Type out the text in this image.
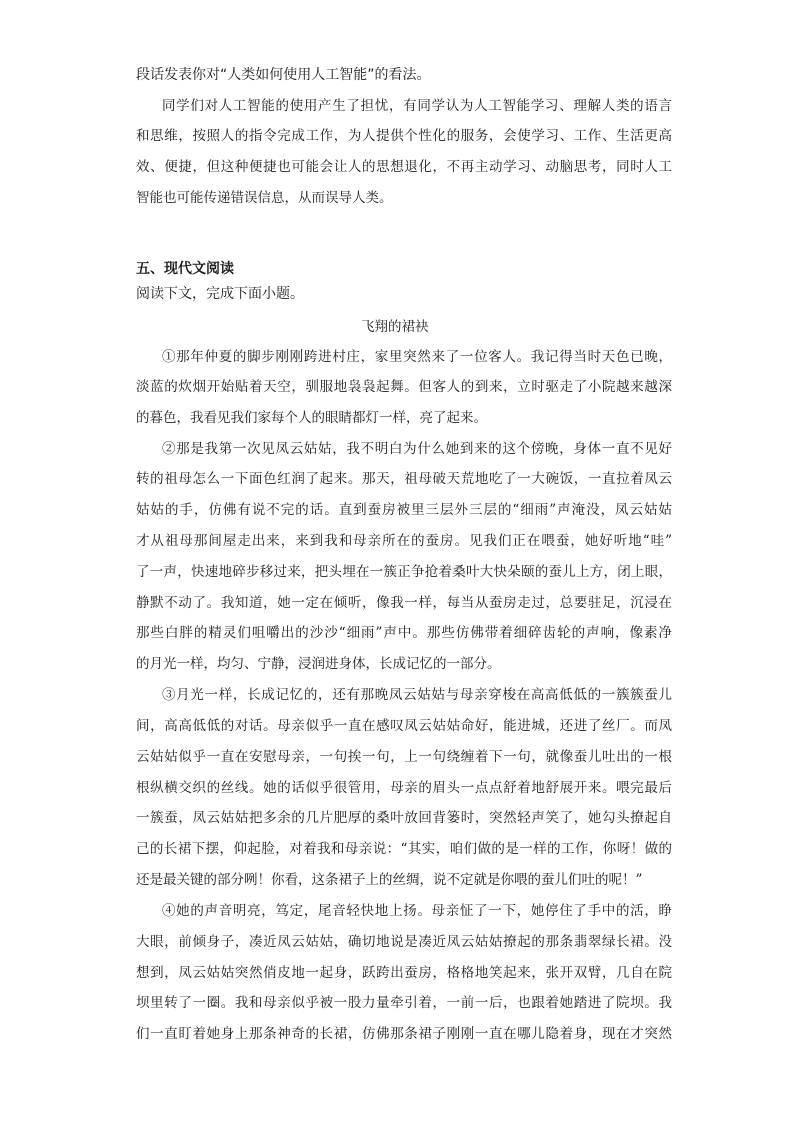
段话发表你对“人类如何使用人工智能”的看法。
同学们对人工智能的使用产生了担忧，有同学认为人工智能学习、理解人类的语言
和思维，按照人的指令完成工作，为人提供个性化的服务，会使学习、工作、生活更高
效、便捷，但这种便捷也可能会让人的思想退化，不再主动学习、动脑思考，同时人工
智能也可能传递错误信息，从而误导人类。
五、现代文阅读
阅读下文，完成下面小题。
飞翔的裙袂
①那年仲夏的脚步刚刚跨进村庄，家里突然来了一位客人。我记得当时天色已晚，
淡蓝的炊烟开始贴着天空，驯服地袅袅起舞。但客人的到来，立时驱走了小院越来越深
的暮色，我看见我们家每个人的眼睛都灯一样，亮了起来。
②那是我第一次见凤云姑姑，我不明白为什么她到来的这个傍晚，身体一直不见好
转的祖母怎么一下面色红润了起来。那天，祖母破天荒地吃了一大碗饭，一直拉着凤云
姑姑的手，仿佛有说不完的话。直到蚕房被里三层外三层的“细雨”声淹没，凤云姑姑
才从祖母那间屋走出来，来到我和母亲所在的蚕房。见我们正在喂蚕，她好听地“哇”
了一声，快速地碎步移过来，把头埋在一簇正争抢着桑叶大快朵颐的蚕儿上方，闭上眼，
静默不动了。我知道，她一定在倾听，像我一样，每当从蚕房走过，总要驻足，沉浸在
那些白胖的精灵们咀嚼出的沙沙“细雨”声中。那些仿佛带着细碎齿轮的声响，像素净
的月光一样，均匀、宁静，浸润进身体，长成记忆的一部分。
③月光一样，长成记忆的，还有那晚凤云姑姑与母亲穿梭在高高低低的一簇簇蚕儿
间，高高低低的对话。母亲似乎一直在感叹凤云姑姑命好，能进城，还进了丝厂。而凤
云姑姑似乎一直在安慰母亲，一句挨一句，上一句绕缠着下一句，就像蚕儿吐出的一根
根纵横交织的丝线。她的话似乎很管用，母亲的眉头一点点舒着地舒展开来。喂完最后
一簇蚕，凤云姑姑把多余的几片肥厚的桑叶放回背篓时，突然轻声笑了，她勾头撩起自
己的长裙下摆，仰起脸，对着我和母亲说：“其实，咱们做的是一样的工作，你呀！做的
还是最关键的部分咧！你看，这条裙子上的丝绸，说不定就是你喂的蚕儿们吐的呢！”
④她的声音明亮，笃定，尾音轻快地上扬。母亲怔了一下，她停住了手中的活，睁
大眼，前倾身子，凑近凤云姑姑，确切地说是凑近凤云姑姑撩起的那条翡翠绿长裙。没
想到，凤云姑姑突然俏皮地一起身，跃跨出蚕房，格格地笑起来，张开双臂，几自在院
坝里转了一圈。我和母亲似乎被一股力量牵引着，一前一后，也跟着她踏进了院坝。我
们一直盯着她身上那条神奇的长裙，仿佛那条裙子刚刚一直在哪儿隐着身，现在才突然
